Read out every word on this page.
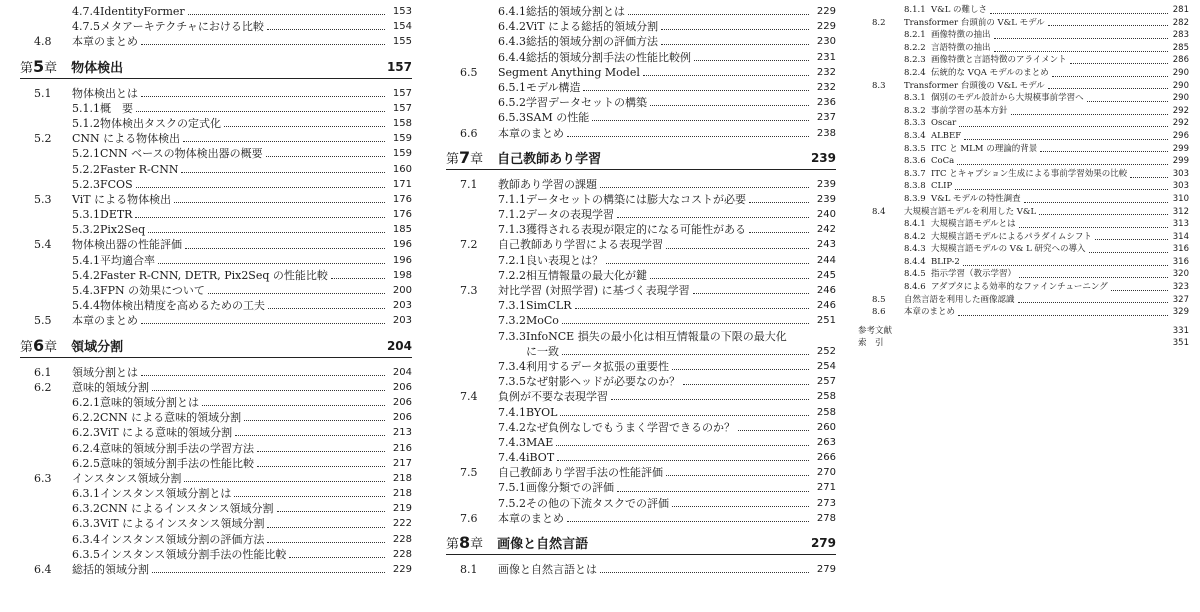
4.7.4 IdentityFormer	153
4.7.5 メタアーキテクチャにおける比較	154
4.8 本章のまとめ	155
第5章 物体検出	157
5.1 物体検出とは	157
5.1.1 概　要	157
5.1.2 物体検出タスクの定式化	158
5.2 CNN による物体検出	159
5.2.1 CNN ベースの物体検出器の概要	159
5.2.2 Faster R-CNN	160
5.2.3 FCOS	171
5.3 ViT による物体検出	176
5.3.1 DETR	176
5.3.2 Pix2Seq	185
5.4 物体検出器の性能評価	196
5.4.1 平均適合率	196
5.4.2 Faster R-CNN, DETR, Pix2Seq の性能比較	198
5.4.3 FPN の効果について	200
5.4.4 物体検出精度を高めるための工夫	203
5.5 本章のまとめ	203
第6章 領域分割	204
6.1 領域分割とは	204
6.2 意味的領域分割	206
6.2.1 意味的領域分割とは	206
6.2.2 CNN による意味的領域分割	206
6.2.3 ViT による意味的領域分割	213
6.2.4 意味的領域分割手法の学習方法	216
6.2.5 意味的領域分割手法の性能比較	217
6.3 インスタンス領域分割	218
6.3.1 インスタンス領域分割とは	218
6.3.2 CNN によるインスタンス領域分割	219
6.3.3 ViT によるインスタンス領域分割	222
6.3.4 インスタンス領域分割の評価方法	228
6.3.5 インスタンス領域分割手法の性能比較	228
6.4 総括的領域分割	229
6.4.1 総括的領域分割とは	229
6.4.2 ViT による総括的領域分割	229
6.4.3 総括的領域分割の評価方法	230
6.4.4 総括的領域分割手法の性能比較例	231
6.5 Segment Anything Model	232
6.5.1 モデル構造	232
6.5.2 学習データセットの構築	236
6.5.3 SAM の性能	237
6.6 本章のまとめ	238
第7章 自己教師あり学習	239
7.1 教師あり学習の課題	239
7.1.1 データセットの構築には膨大なコストが必要	239
7.1.2 データの表現学習	240
7.1.3 獲得される表現が限定的になる可能性がある	242
7.2 自己教師あり学習による表現学習	243
7.2.1 良い表現とは？	244
7.2.2 相互情報量の最大化が鍵	245
7.3 対比学習 (対照学習) に基づく表現学習	246
7.3.1 SimCLR	246
7.3.2 MoCo	251
7.3.3 InfoNCE 損失の最小化は相互情報量の下限の最大化
に一致	252
7.3.4 利用するデータ拡張の重要性	254
7.3.5 なぜ射影ヘッドが必要なのか？	257
7.4 負例が不要な表現学習	258
7.4.1 BYOL	258
7.4.2 なぜ負例なしでもうまく学習できるのか？	260
7.4.3 MAE	263
7.4.4 iBOT	266
7.5 自己教師あり学習手法の性能評価	270
7.5.1 画像分類での評価	271
7.5.2 その他の下流タスクでの評価	273
7.6 本章のまとめ	278
第8章 画像と自然言語	279
8.1 画像と自然言語とは	279
8.1.1 V&L の難しさ	281
8.2 Transformer 台頭前の V&L モデル	282
8.2.1 画像特徴の抽出	283
8.2.2 言語特徴の抽出	285
8.2.3 画像特徴と言語特徴のアライメント	286
8.2.4 伝統的な VQA モデルのまとめ	290
8.3 Transformer 台頭後の V&L モデル	290
8.3.1 個別のモデル設計から大規模事前学習へ	290
8.3.2 事前学習の基本方針	292
8.3.3 Oscar	292
8.3.4 ALBEF	296
8.3.5 ITC と MLM の理論的背景	299
8.3.6 CoCa	299
8.3.7 ITC とキャプション生成による事前学習効果の比較	303
8.3.8 CLIP	303
8.3.9 V&L モデルの特性調査	310
8.4 大規模言語モデルを利用した V&L	312
8.4.1 大規模言語モデルとは	313
8.4.2 大規模言語モデルによるパラダイムシフト	314
8.4.3 大規模言語モデルの V& L 研究への導入	316
8.4.4 BLIP-2	316
8.4.5 指示学習（教示学習）	320
8.4.6 アダプタによる効率的なファインチューニング	323
8.5 自然言語を利用した画像認識	327
8.6 本章のまとめ	329
参考文献	331
索　引	351
